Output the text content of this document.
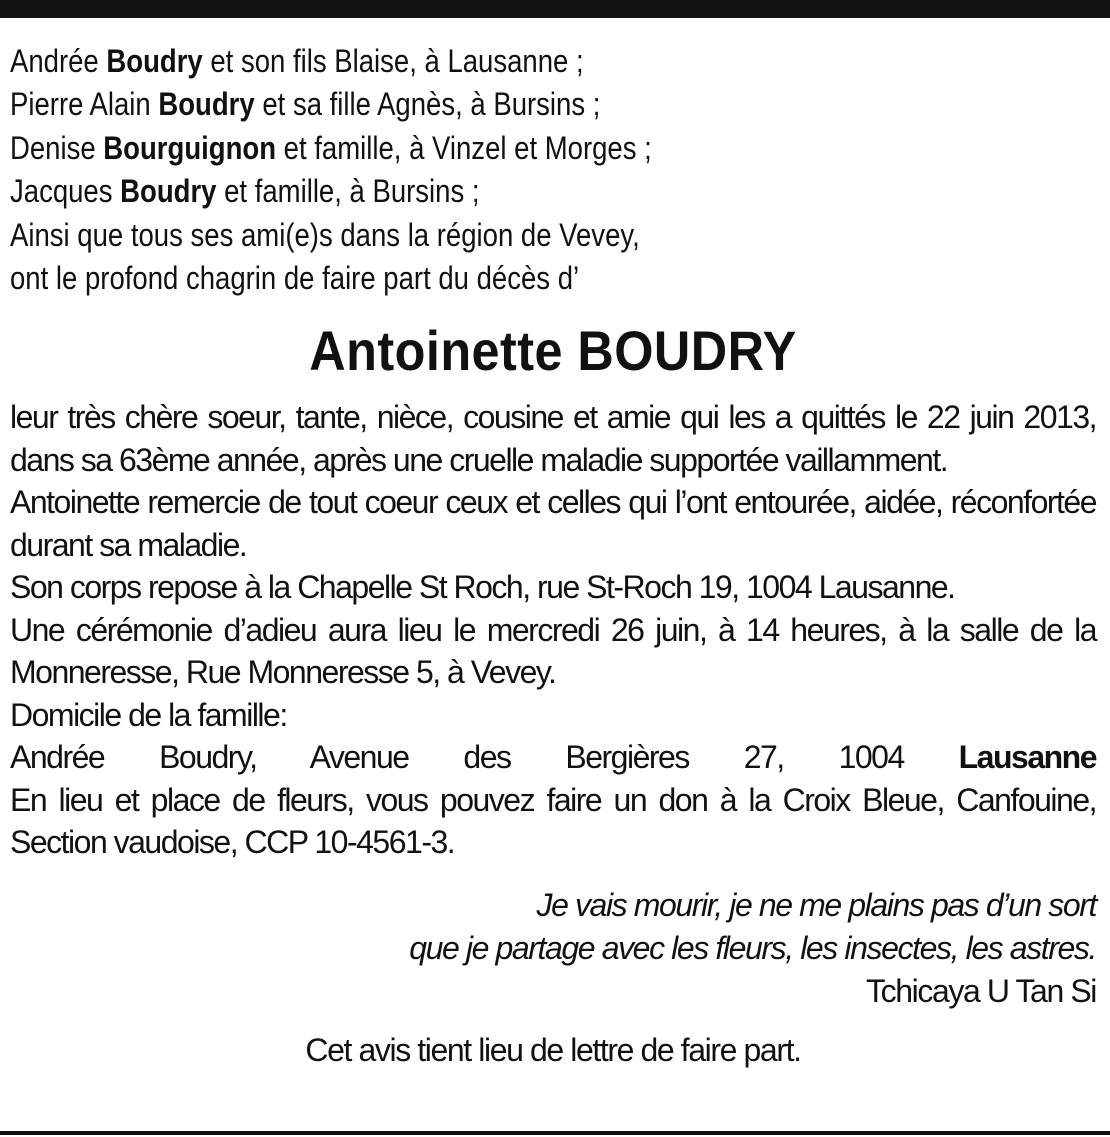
Andrée Boudry et son fils Blaise, à Lausanne ;
Pierre Alain Boudry et sa fille Agnès, à Bursins ;
Denise Bourguignon et famille, à Vinzel et Morges ;
Jacques Boudry et famille, à Bursins ;
Ainsi que tous ses ami(e)s dans la région de Vevey,
ont le profond chagrin de faire part du décès d’
Antoinette BOUDRY
leur très chère soeur, tante, nièce, cousine et amie qui les a quittés le 22 juin 2013, dans sa 63ème année, après une cruelle maladie supportée vaillamment.
Antoinette remercie de tout coeur ceux et celles qui l’ont entourée, aidée, réconfortée durant sa maladie.
Son corps repose à la Chapelle St Roch, rue St-Roch 19, 1004 Lausanne.
Une cérémonie d’adieu aura lieu le mercredi 26 juin, à 14 heures, à la salle de la Monneresse, Rue Monneresse 5, à Vevey.
Domicile de la famille:
Andrée Boudry, Avenue des Bergières 27, 1004 Lausanne
En lieu et place de fleurs, vous pouvez faire un don à la Croix Bleue, Canfouine, Section vaudoise, CCP 10-4561-3.
Je vais mourir, je ne me plains pas d’un sort
que je partage avec les fleurs, les insectes, les astres.
Tchicaya U Tan Si
Cet avis tient lieu de lettre de faire part.
